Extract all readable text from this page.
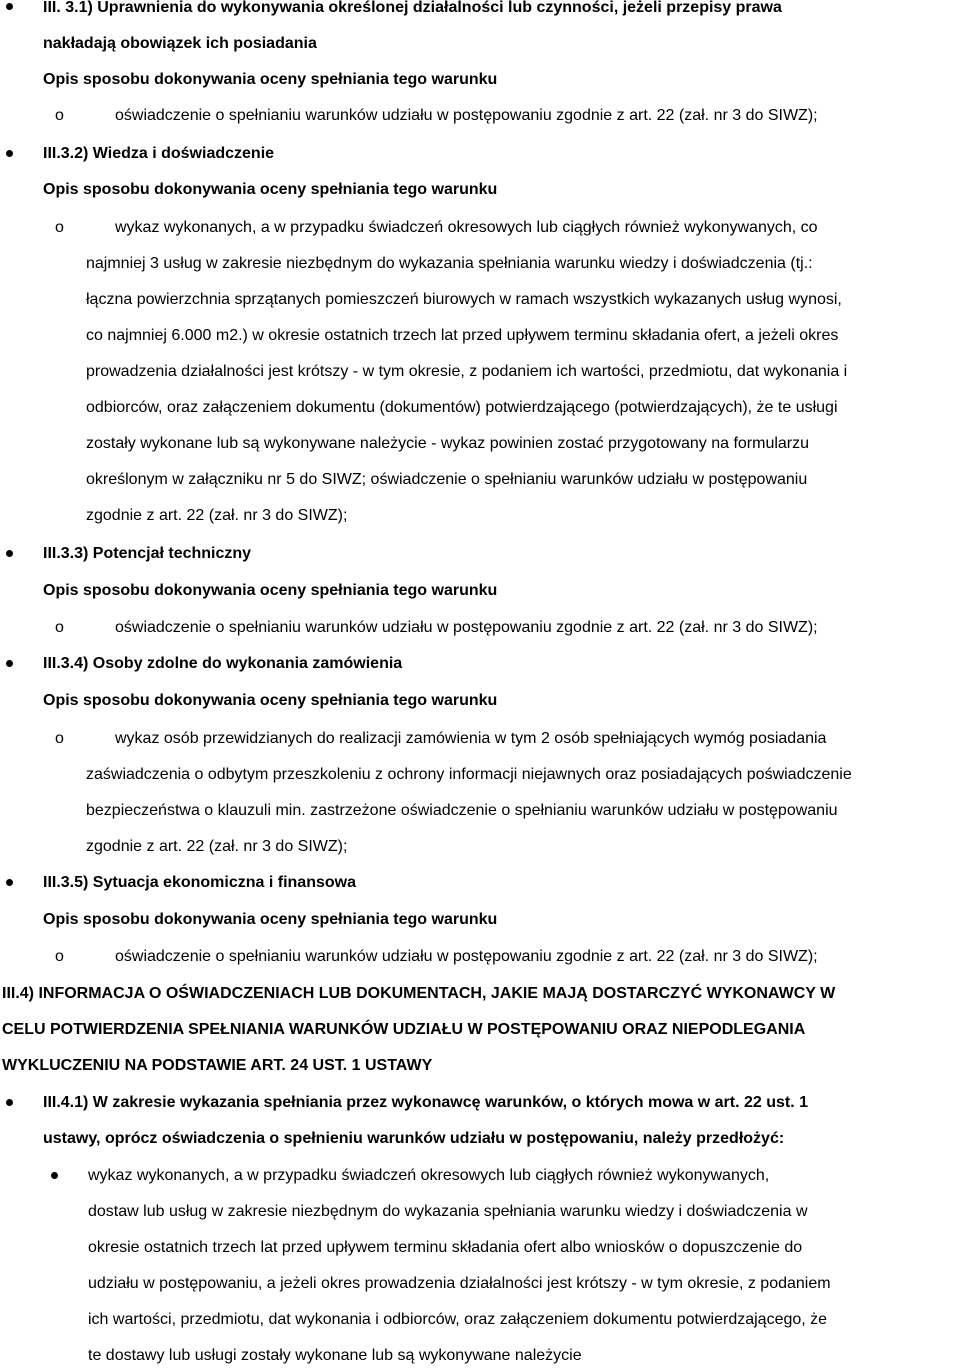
III. 3.1) Uprawnienia do wykonywania określonej działalności lub czynności, jeżeli przepisy prawa
nakładają obowiązek ich posiadania
Opis sposobu dokonywania oceny spełniania tego warunku
o	oświadczenie o spełnianiu warunków udziału w postępowaniu zgodnie z art. 22 (zał. nr 3 do SIWZ);
III.3.2) Wiedza i doświadczenie
Opis sposobu dokonywania oceny spełniania tego warunku
o	wykaz wykonanych, a w przypadku świadczeń okresowych lub ciągłych również wykonywanych, co
najmniej 3 usług w zakresie niezbędnym do wykazania spełniania warunku wiedzy i doświadczenia (tj.:
łączna powierzchnia sprzątanych pomieszczeń biurowych w ramach wszystkich wykazanych usług wynosi,
co najmniej 6.000 m2.) w okresie ostatnich trzech lat przed upływem terminu składania ofert, a jeżeli okres
prowadzenia działalności jest krótszy - w tym okresie, z podaniem ich wartości, przedmiotu, dat wykonania i
odbiorców, oraz załączeniem dokumentu (dokumentów) potwierdzającego (potwierdzających), że te usługi
zostały wykonane lub są wykonywane należycie - wykaz powinien zostać przygotowany na formularzu
określonym w załączniku nr 5 do SIWZ; oświadczenie o spełnianiu warunków udziału w postępowaniu
zgodnie z art. 22 (zał. nr 3 do SIWZ);
III.3.3) Potencjał techniczny
Opis sposobu dokonywania oceny spełniania tego warunku
o	oświadczenie o spełnianiu warunków udziału w postępowaniu zgodnie z art. 22 (zał. nr 3 do SIWZ);
III.3.4) Osoby zdolne do wykonania zamówienia
Opis sposobu dokonywania oceny spełniania tego warunku
o	wykaz osób przewidzianych do realizacji zamówienia w tym 2 osób spełniających wymóg posiadania
zaświadczenia o odbytym przeszkoleniu z ochrony informacji niejawnych oraz posiadających poświadczenie
bezpieczeństwa o klauzuli min. zastrzeżone oświadczenie o spełnianiu warunków udziału w postępowaniu
zgodnie z art. 22 (zał. nr 3 do SIWZ);
III.3.5) Sytuacja ekonomiczna i finansowa
Opis sposobu dokonywania oceny spełniania tego warunku
o	oświadczenie o spełnianiu warunków udziału w postępowaniu zgodnie z art. 22 (zał. nr 3 do SIWZ);
III.4) INFORMACJA O OŚWIADCZENIACH LUB DOKUMENTACH, JAKIE MAJĄ DOSTARCZYĆ WYKONAWCY W
CELU POTWIERDZENIA SPEŁNIANIA WARUNKÓW UDZIAŁU W POSTĘPOWANIU ORAZ NIEPODLEGANIA
WYKLUCZENIU NA PODSTAWIE ART. 24 UST. 1 USTAWY
III.4.1) W zakresie wykazania spełniania przez wykonawcę warunków, o których mowa w art. 22 ust. 1
ustawy, oprócz oświadczenia o spełnieniu warunków udziału w postępowaniu, należy przedłożyć:
wykaz wykonanych, a w przypadku świadczeń okresowych lub ciągłych również wykonywanych,
dostaw lub usług w zakresie niezbędnym do wykazania spełniania warunku wiedzy i doświadczenia w
okresie ostatnich trzech lat przed upływem terminu składania ofert albo wniosków o dopuszczenie do
udziału w postępowaniu, a jeżeli okres prowadzenia działalności jest krótszy - w tym okresie, z podaniem
ich wartości, przedmiotu, dat wykonania i odbiorców, oraz załączeniem dokumentu potwierdzającego, że
te dostawy lub usługi zostały wykonane lub są wykonywane należycie
